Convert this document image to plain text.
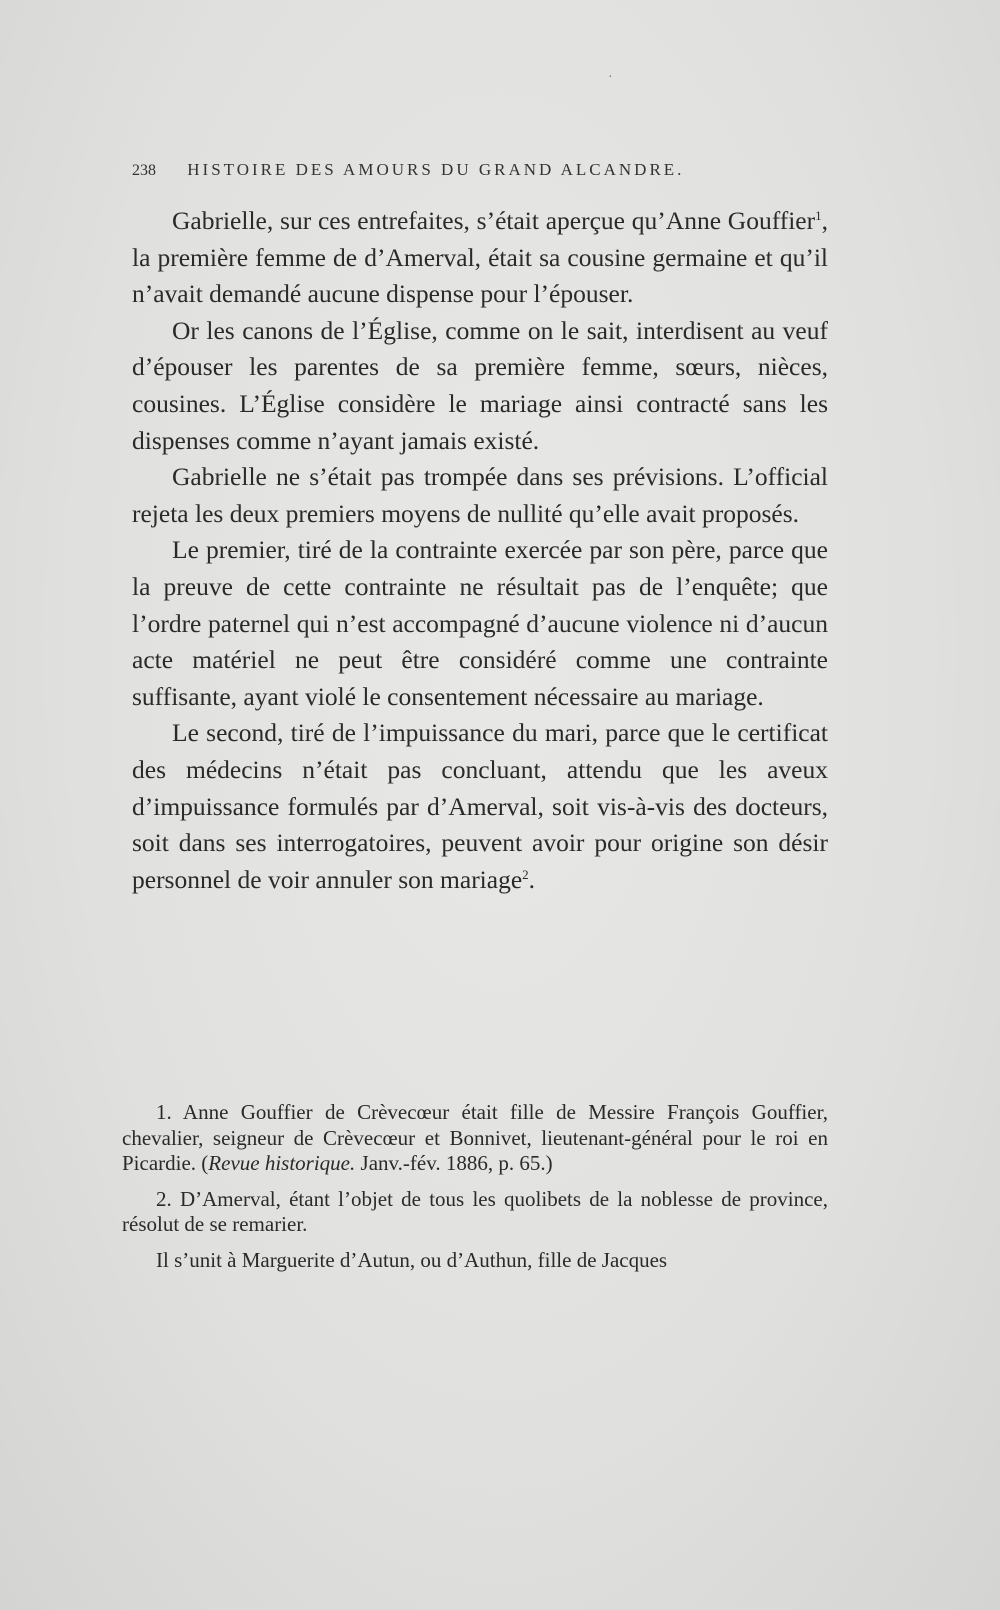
238 HISTOIRE DES AMOURS DU GRAND ALCANDRE.

Gabrielle, sur ces entrefaites, s’était aperçue qu’Anne Gouffier$^1$, la première femme de d’Amerval, était sa cousine germaine et qu’il n’avait demandé aucune dispense pour l’épouser.

Or les canons de l’Église, comme on le sait, interdisent au veuf d’épouser les parentes de sa première femme, sœurs, nièces, cousines. L’Église considère le mariage ainsi contracté sans les dispenses comme n’ayant jamais existé.

Gabrielle ne s’était pas trompée dans ses prévisions. L’official rejeta les deux premiers moyens de nullité qu’elle avait proposés.

Le premier, tiré de la contrainte exercée par son père, parce que la preuve de cette contrainte ne résultait pas de l’enquête; que l’ordre paternel qui n’est accompagné d’aucune violence ni d’aucun acte matériel ne peut être considéré comme une contrainte suffisante, ayant violé le consentement nécessaire au mariage.

Le second, tiré de l’impuissance du mari, parce que le certificat des médecins n’était pas concluant, attendu que les aveux d’impuissance formulés par d’Amerval, soit vis-à-vis des docteurs, soit dans ses interrogatoires, peuvent avoir pour origine son désir personnel de voir annuler son mariage$^2$.

1. Anne Gouffier de Crèvecœur était fille de Messire François Gouffier, chevalier, seigneur de Crèvecœur et Bonnivet, lieutenant-général pour le roi en Picardie. (Revue historique. Janv.-fév. 1886, p. 65.)

2. D’Amerval, étant l’objet de tous les quolibets de la noblesse de province, résolut de se remarier.

Il s’unit à Marguerite d’Autun, ou d’Authun, fille de Jacques

·
